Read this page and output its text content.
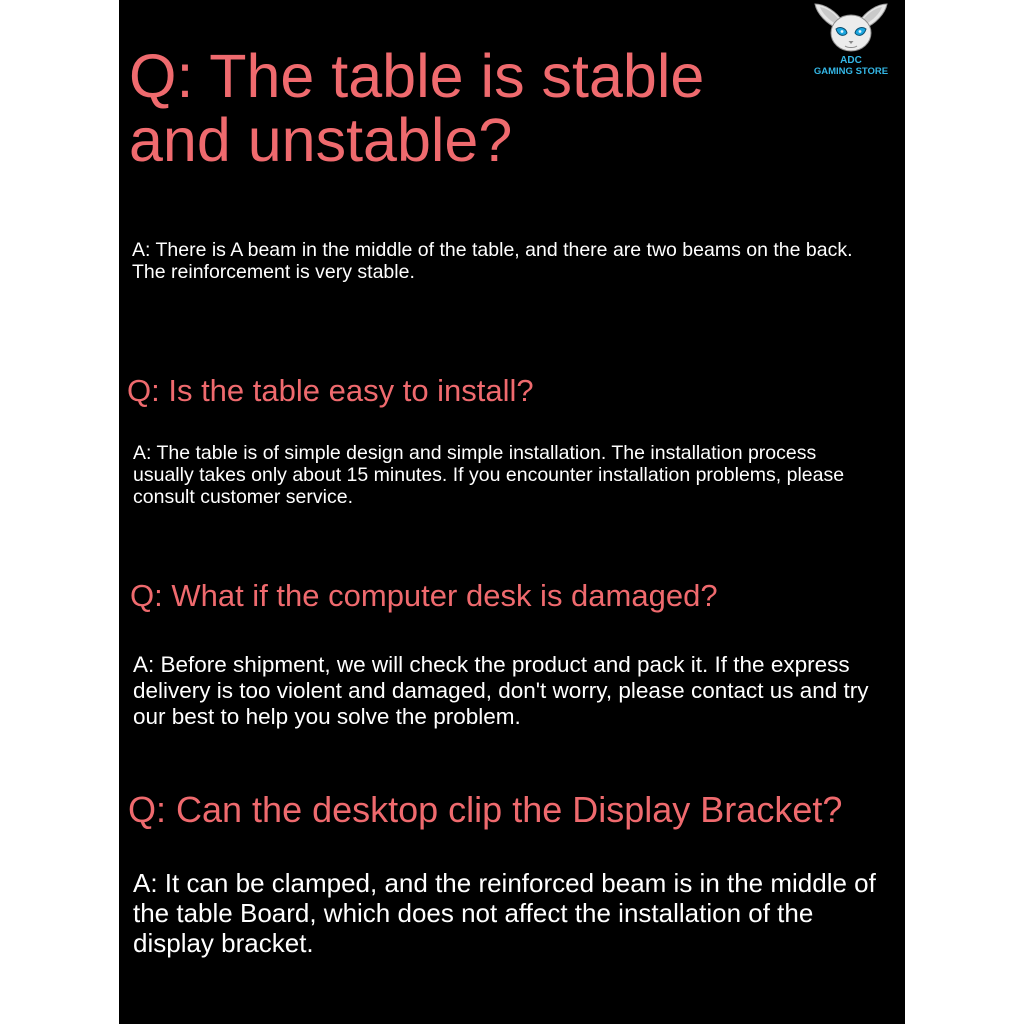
Q: The table is stable and unstable?

A: There is A beam in the middle of the table, and there are two beams on the back. The reinforcement is very stable.

Q: Is the table easy to install?

A: The table is of simple design and simple installation. The installation process usually takes only about 15 minutes. If you encounter installation problems, please consult customer service.

Q: What if the computer desk is damaged?

A: Before shipment, we will check the product and pack it. If the express delivery is too violent and damaged, don't worry, please contact us and try our best to help you solve the problem.

Q: Can the desktop clip the Display Bracket?

A: It can be clamped, and the reinforced beam is in the middle of the table Board, which does not affect the installation of the display bracket.

ADC
GAMING STORE
